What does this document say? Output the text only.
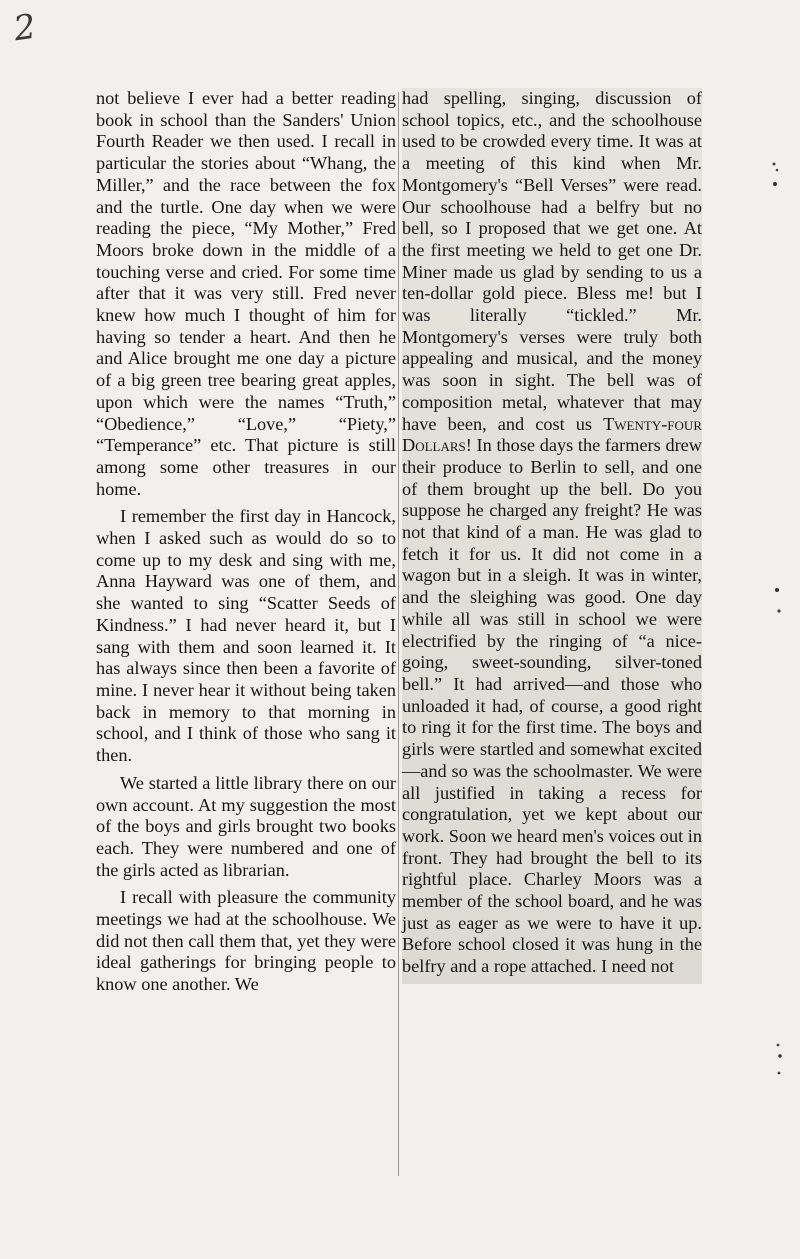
2

not believe I ever had a better reading book in school than the Sanders' Union Fourth Reader we then used. I recall in particular the stories about “Whang, the Miller,” and the race between the fox and the turtle. One day when we were reading the piece, “My Mother,” Fred Moors broke down in the middle of a touching verse and cried. For some time after that it was very still. Fred never knew how much I thought of him for having so tender a heart. And then he and Alice brought me one day a picture of a big green tree bearing great apples, upon which were the names “Truth,” “Obedience,” “Love,” “Piety,” “Temperance” etc. That picture is still among some other treasures in our home.

I remember the first day in Hancock, when I asked such as would do so to come up to my desk and sing with me, Anna Hayward was one of them, and she wanted to sing “Scatter Seeds of Kindness.” I had never heard it, but I sang with them and soon learned it. It has always since then been a favorite of mine. I never hear it without being taken back in memory to that morning in school, and I think of those who sang it then.

We started a little library there on our own account. At my suggestion the most of the boys and girls brought two books each. They were numbered and one of the girls acted as librarian.

I recall with pleasure the community meetings we had at the schoolhouse. We did not then call them that, yet they were ideal gatherings for bringing people to know one another. We

had spelling, singing, discussion of school topics, etc., and the schoolhouse used to be crowded every time. It was at a meeting of this kind when Mr. Montgomery's “Bell Verses” were read. Our schoolhouse had a belfry but no bell, so I proposed that we get one. At the first meeting we held to get one Dr. Miner made us glad by sending to us a ten-dollar gold piece. Bless me! but I was literally “tickled.” Mr. Montgomery's verses were truly both appealing and musical, and the money was soon in sight. The bell was of composition metal, whatever that may have been, and cost us Twenty-four Dollars! In those days the farmers drew their produce to Berlin to sell, and one of them brought up the bell. Do you suppose he charged any freight? He was not that kind of a man. He was glad to fetch it for us. It did not come in a wagon but in a sleigh. It was in winter, and the sleighing was good. One day while all was still in school we were electrified by the ringing of “a nice-going, sweet-sounding, silver-toned bell.” It had arrived—and those who unloaded it had, of course, a good right to ring it for the first time. The boys and girls were startled and somewhat excited—and so was the schoolmaster. We were all justified in taking a recess for congratulation, yet we kept about our work. Soon we heard men's voices out in front. They had brought the bell to its rightful place. Charley Moors was a member of the school board, and he was just as eager as we were to have it up. Before school closed it was hung in the belfry and a rope attached. I need not
